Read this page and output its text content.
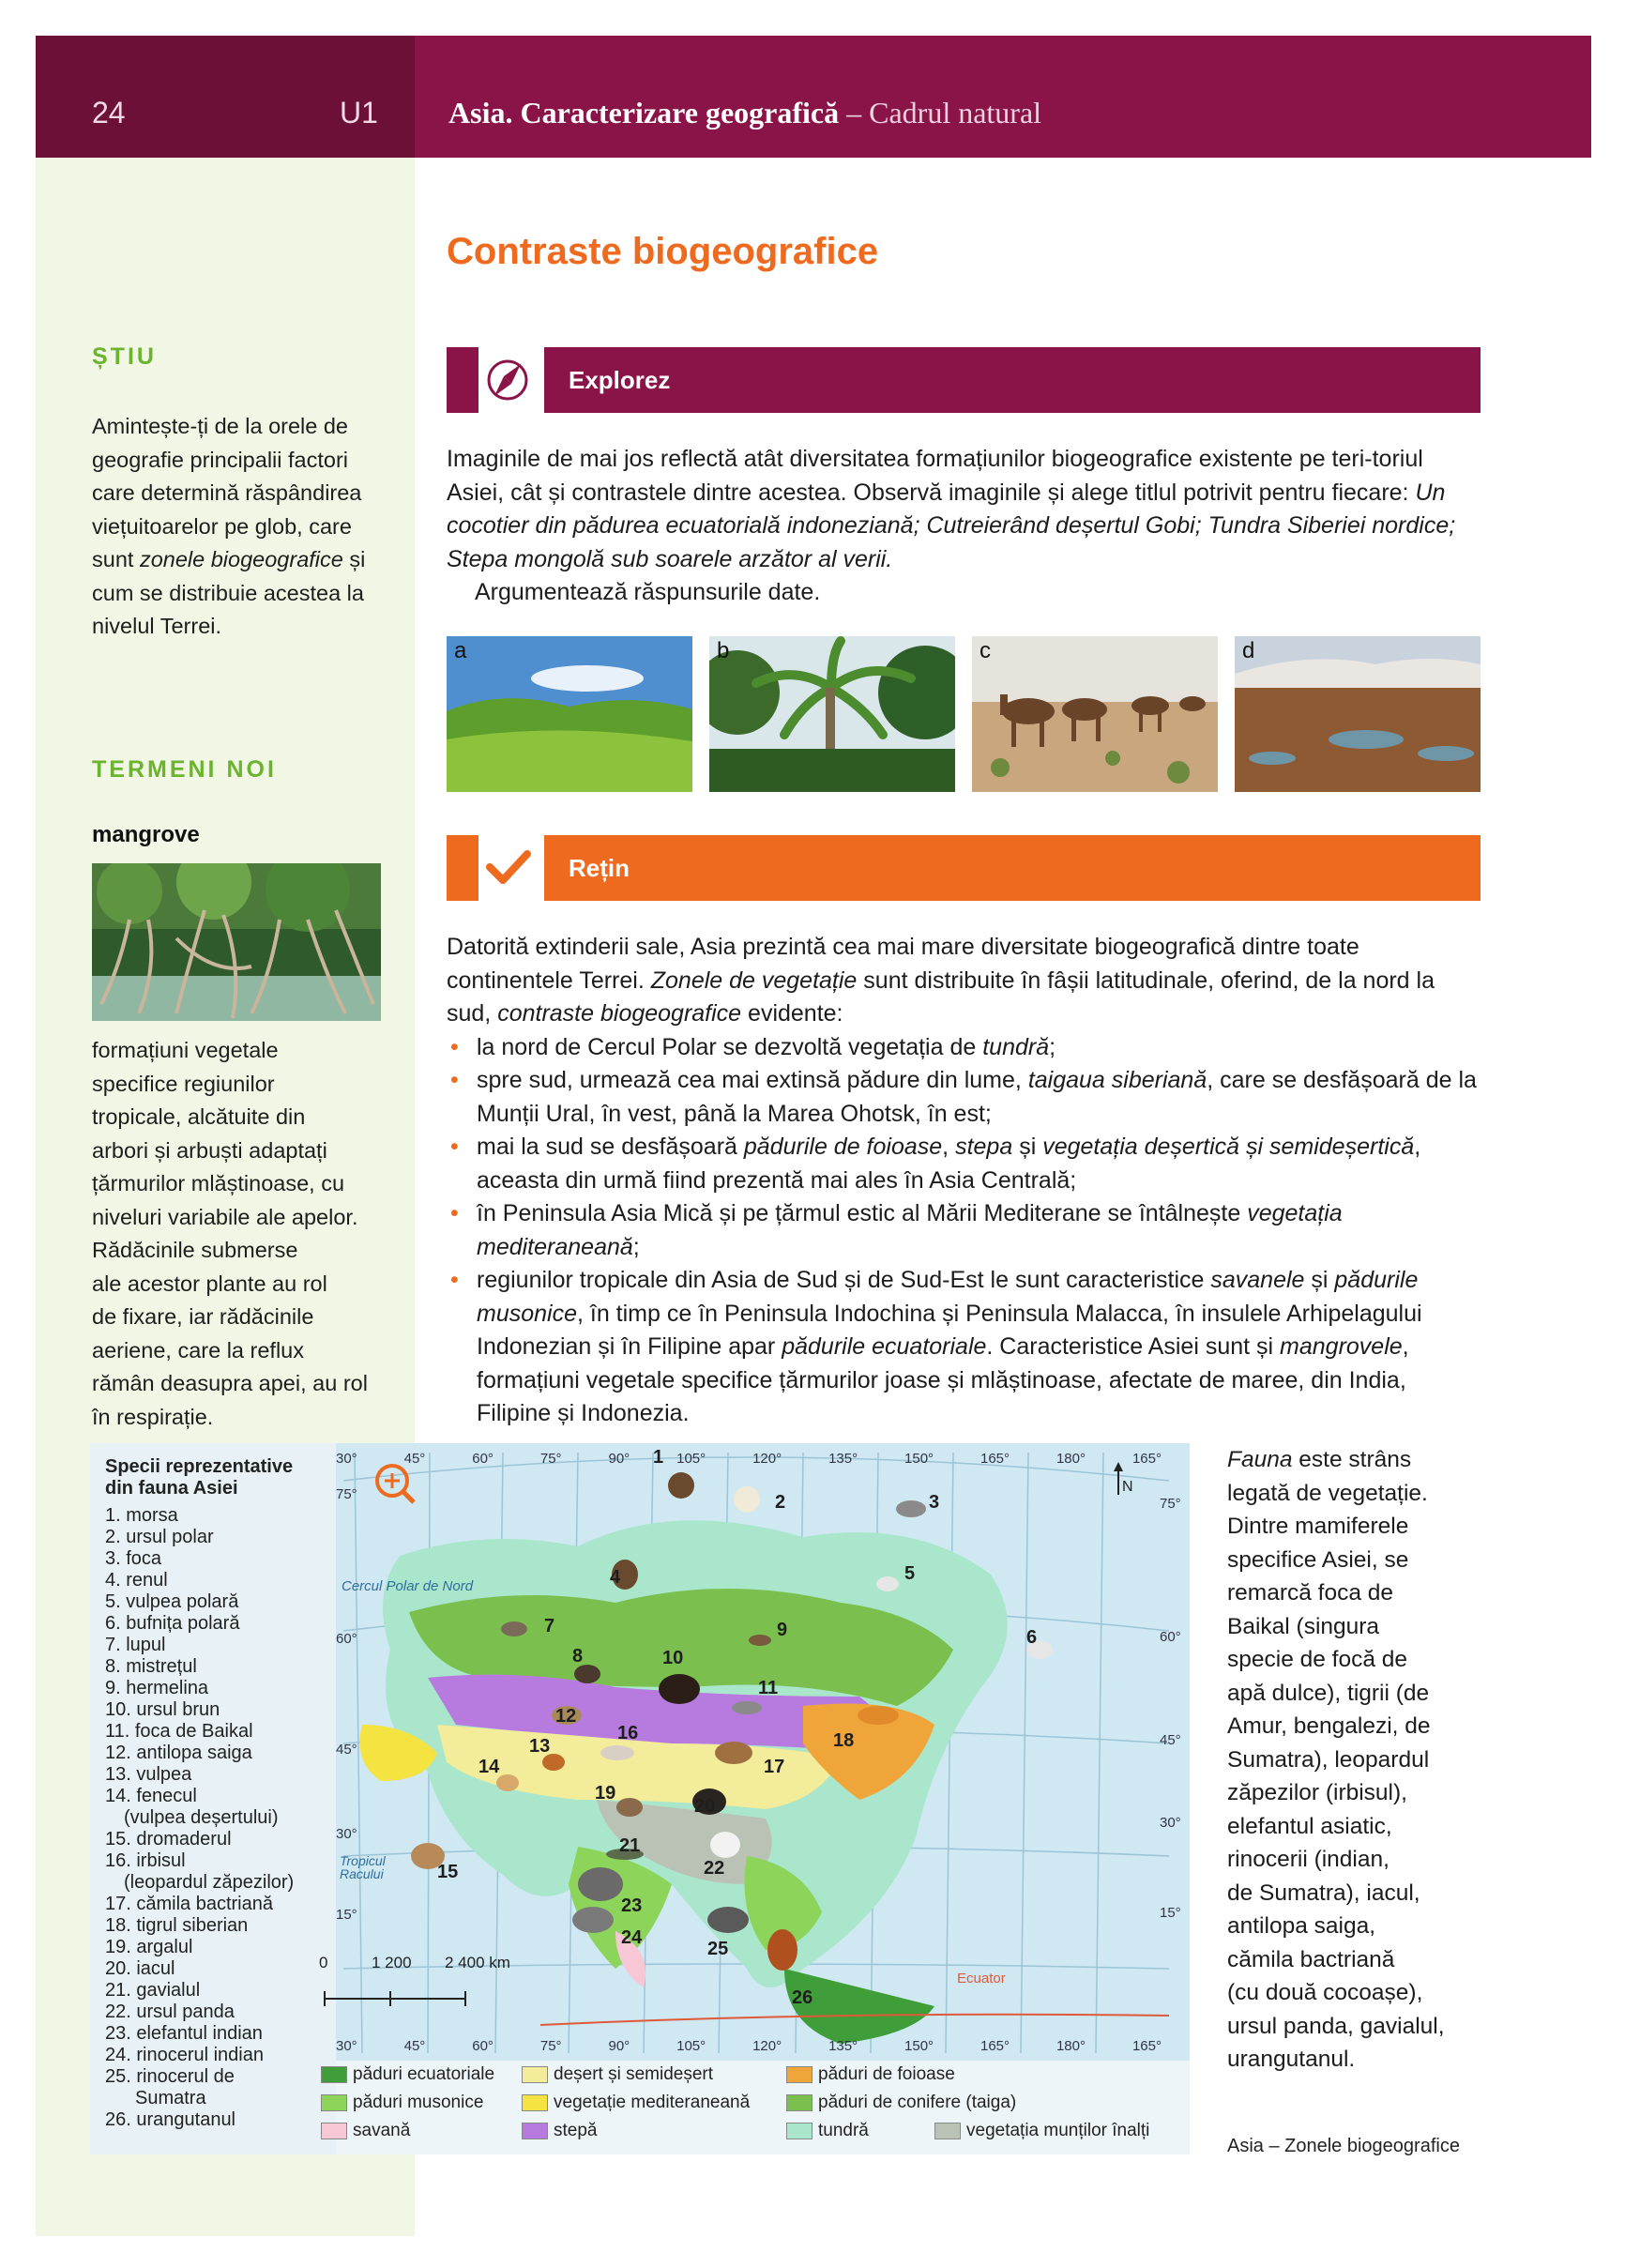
24	U1 Asia. Caracterizare geografică – Cadrul natural
ȘTIU
Amintește-ți de la orele de
geografie principalii factori
care determină răspândirea
viețuitoarelor pe glob, care
sunt zonele biogeografice și
cum se distribuie acestea la
nivelul Terrei.
TERMENI NOI
mangrove
formațiuni vegetale
specifice regiunilor
tropicale, alcătuite din
arbori și arbuști adaptați
țărmurilor mlăștinoase, cu
niveluri variabile ale apelor.
Rădăcinile submerse
ale acestor plante au rol
de fixare, iar rădăcinile
aeriene, care la reflux
rămân deasupra apei, au rol
în respirație.
Contraste biogeografice
Explorez

Imaginile de mai jos reflectă atât diversitatea formațiunilor biogeografice existente pe teri-toriul Asiei, cât și contrastele dintre acestea. Observă imaginile și alege titlul potrivit pentru fiecare: Un cocotier din pădurea ecuatorială indoneziană; Cutreierând deșertul Gobi; Tundra Siberiei nordice; Stepa mongolă sub soarele arzător al verii.

Argumentează răspunsurile date.

a	b	c	d
Rețin

Datorită extinderii sale, Asia prezintă cea mai mare diversitate biogeografică dintre toate continentele Terrei. Zonele de vegetație sunt distribuite în fâșii latitudinale, oferind, de la nord la sud, contraste biogeografice evidente:

• la nord de Cercul Polar se dezvoltă vegetația de tundră;
• spre sud, urmează cea mai extinsă pădure din lume, taigaua siberiană, care se desfășoară de la Munții Ural, în vest, până la Marea Ohotsk, în est;
• mai la sud se desfășoară pădurile de foioase, stepa și vegetația deșertică și semideșertică, aceasta din urmă fiind prezentă mai ales în Asia Centrală;
• în Peninsula Asia Mică și pe țărmul estic al Mării Mediterane se întâlnește vegetația mediteraneană;
• regiunilor tropicale din Asia de Sud și de Sud-Est le sunt caracteristice savanele și pădurile musonice, în timp ce în Peninsula Indochina și Peninsula Malacca, în insulele Arhipelagului Indonezian și în Filipine apar pădurile ecuatoriale. Caracteristice Asiei sunt și mangrovele, formațiuni vegetale specifice țărmurilor joase și mlăștinoase, afectate de maree, din India, Filipine și Indonezia.
Specii reprezentative
din fauna Asiei
1. morsa
2. ursul polar
3. foca
4. renul
5. vulpea polară
6. bufnița polară
7. lupul
8. mistrețul
9. hermelina
10. ursul brun
11. foca de Baikal
12. antilopa saiga
13. vulpea
14. fenecul
(vulpea deșertului)
15. dromaderul
16. irbisul
(leopardul zăpezilor)
17. cămila bactriană
18. tigrul siberian
19. argalul
20. iacul
21. gavialul
22. ursul panda
23. elefantul indian
24. rinocerul indian
25. rinocerul de
Sumatra
26. urangutanul
30°	45°	60°	75°	90°	105°	120°	135°	150°	165°	180°	165°
30°	45°	60°	75°	90°	105°	120°	135°	150°	165°	180°	165°
75°
60°
45°
30°
15°
75°
60°
45°
30°
15°
Cercul Polar de Nord
Tropicul Racului
Ecuator
N
0	1 200 2 400 km
1
2	3
4	5
6
7
8
9
10
11
12
13
14
15
16
17
18
19
20
21
22
23
24
25
26
păduri ecuatoriale	deșert și semideșert	păduri de foioase
păduri musonice	vegetație mediteraneană	păduri de conifere (taiga)
savană	stepă	tundră	vegetația munților înalți
Fauna este strâns
legată de vegetație.
Dintre mamiferele
specifice Asiei, se
remarcă foca de
Baikal (singura
specie de focă de
apă dulce), tigrii (de
Amur, bengalezi, de
Sumatra), leopardul
zăpezilor (irbisul),
elefantul asiatic,
rinocerii (indian,
de Sumatra), iacul,
antilopa saiga,
cămila bactriană
(cu două cocoașe),
ursul panda, gavialul,
urangutanul.
Asia – Zonele biogeografice
